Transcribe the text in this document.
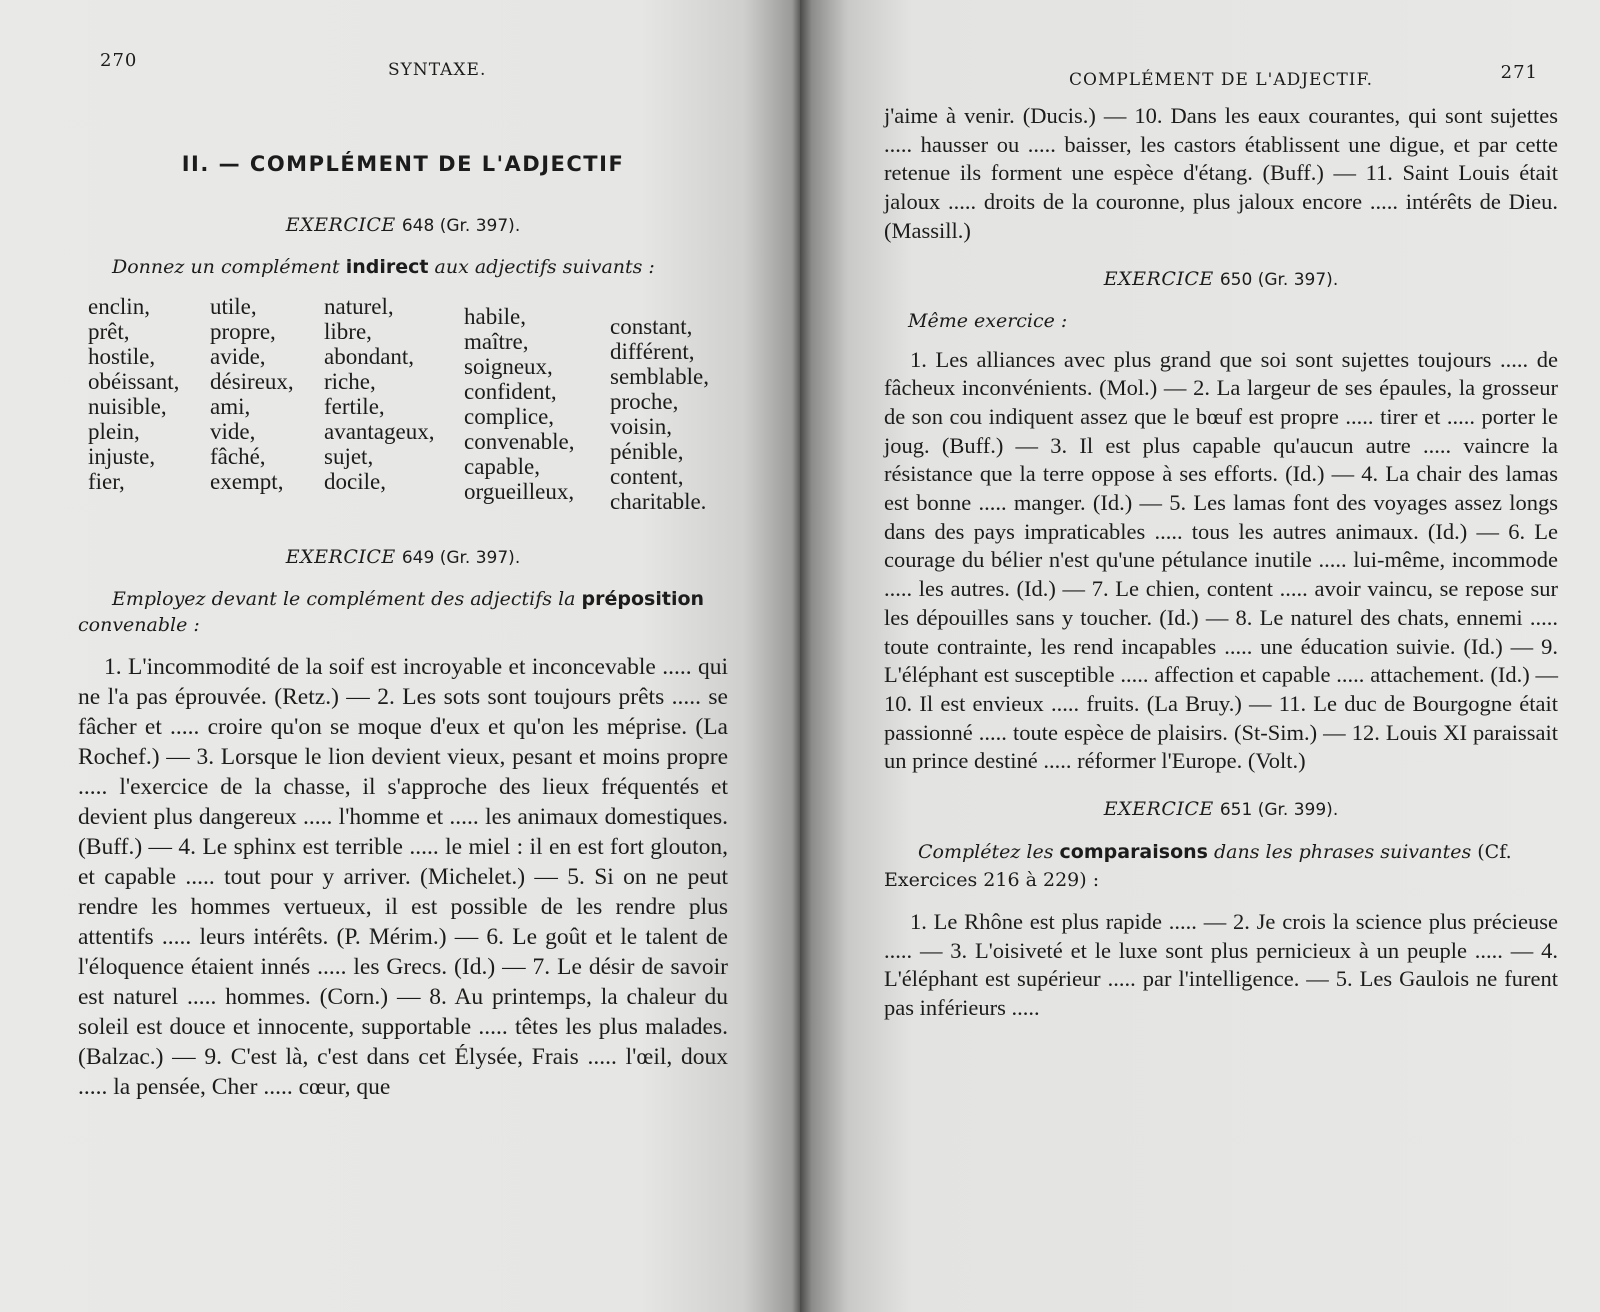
270	SYNTAXE.
II. — COMPLÉMENT DE L'ADJECTIF
EXERCICE 648 (Gr. 397).
Donnez un complément indirect aux adjectifs suivants :
enclin,
prêt,
hostile,
obéissant,
nuisible,
plein,
injuste,
fier,
utile,
propre,
avide,
désireux,
ami,
vide,
fâché,
exempt,
naturel,
libre,
abondant,
riche,
fertile,
avantageux,
sujet,
docile,
habile,
maître,
soigneux,
confident,
complice,
convenable,
capable,
orgueilleux,
constant,
différent,
semblable,
proche,
voisin,
pénible,
content,
charitable.
EXERCICE 649 (Gr. 397).
Employez devant le complément des adjectifs la préposition convenable :

1. L'incommodité de la soif est incroyable et inconcevable ..... qui ne l'a pas éprouvée. (Retz.) — 2. Les sots sont toujours prêts ..... se fâcher et ..... croire qu'on se moque d'eux et qu'on les méprise. (La Rochef.) — 3. Lorsque le lion devient vieux, pesant et moins propre ..... l'exercice de la chasse, il s'approche des lieux fréquentés et devient plus dangereux ..... l'homme et ..... les animaux domestiques. (Buff.) — 4. Le sphinx est terrible ..... le miel : il en est fort glouton, et capable ..... tout pour y arriver. (Michelet.) — 5. Si on ne peut rendre les hommes vertueux, il est possible de les rendre plus attentifs ..... leurs intérêts. (P. Mérim.) — 6. Le goût et le talent de l'éloquence étaient innés ..... les Grecs. (Id.) — 7. Le désir de savoir est naturel ..... hommes. (Corn.) — 8. Au printemps, la chaleur du soleil est douce et innocente, supportable ..... têtes les plus malades. (Balzac.) — 9. C'est là, c'est dans cet Élysée, Frais ..... l'œil, doux ..... la pensée, Cher ..... cœur, que

COMPLÉMENT DE L'ADJECTIF.	271

j'aime à venir. (Ducis.) — 10. Dans les eaux courantes, qui sont sujettes ..... hausser ou ..... baisser, les castors établissent une digue, et par cette retenue ils forment une espèce d'étang. (Buff.) — 11. Saint Louis était jaloux ..... droits de la couronne, plus jaloux encore ..... intérêts de Dieu. (Massill.)

EXERCICE 650 (Gr. 397).
Même exercice :

1. Les alliances avec plus grand que soi sont sujettes toujours ..... de fâcheux inconvénients. (Mol.) — 2. La largeur de ses épaules, la grosseur de son cou indiquent assez que le bœuf est propre ..... tirer et ..... porter le joug. (Buff.) — 3. Il est plus capable qu'aucun autre ..... vaincre la résistance que la terre oppose à ses efforts. (Id.) — 4. La chair des lamas est bonne ..... manger. (Id.) — 5. Les lamas font des voyages assez longs dans des pays impraticables ..... tous les autres animaux. (Id.) — 6. Le courage du bélier n'est qu'une pétulance inutile ..... lui-même, incommode ..... les autres. (Id.) — 7. Le chien, content ..... avoir vaincu, se repose sur les dépouilles sans y toucher. (Id.) — 8. Le naturel des chats, ennemi ..... toute contrainte, les rend incapables ..... une éducation suivie. (Id.) — 9. L'éléphant est susceptible ..... affection et capable ..... attachement. (Id.) — 10. Il est envieux ..... fruits. (La Bruy.) — 11. Le duc de Bourgogne était passionné ..... toute espèce de plaisirs. (St-Sim.) — 12. Louis XI paraissait un prince destiné ..... réformer l'Europe. (Volt.)

EXERCICE 651 (Gr. 399).
Complétez les comparaisons dans les phrases suivantes (Cf. Exercices 216 à 229) :

1. Le Rhône est plus rapide ..... — 2. Je crois la science plus précieuse ..... — 3. L'oisiveté et le luxe sont plus pernicieux à un peuple ..... — 4. L'éléphant est supérieur ..... par l'intelligence. — 5. Les Gaulois ne furent pas inférieurs .....
